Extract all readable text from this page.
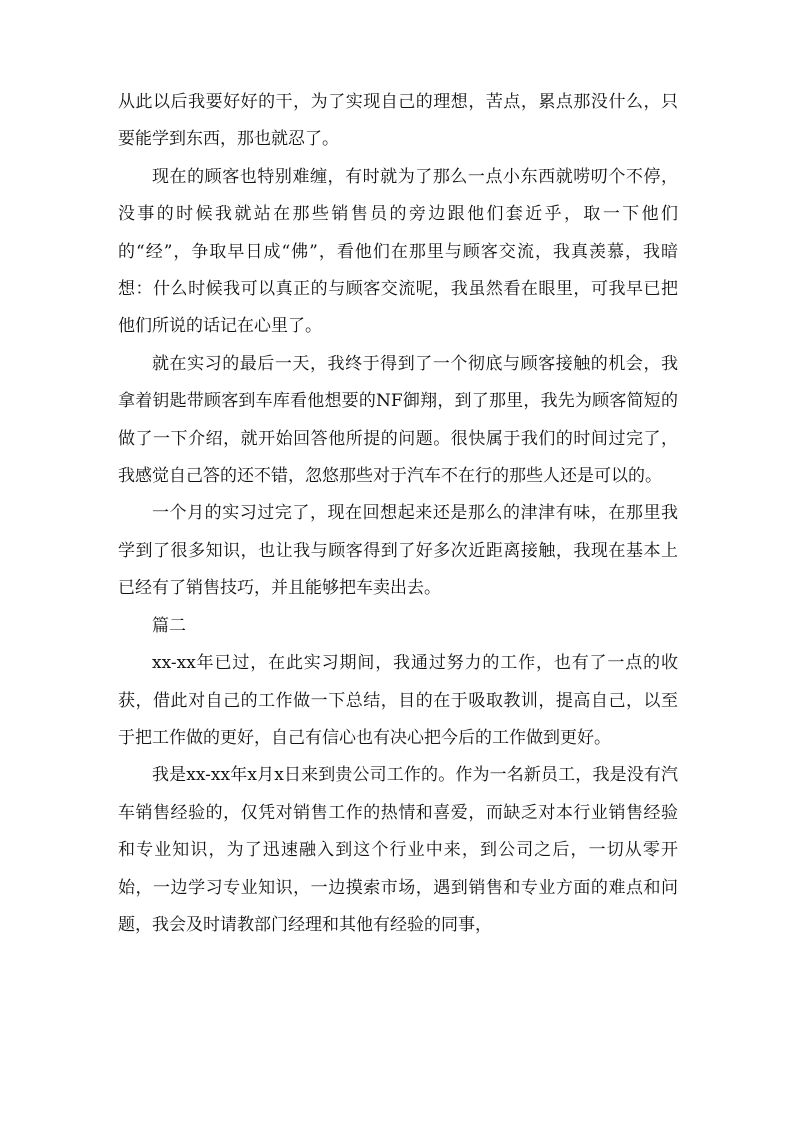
从此以后我要好好的干，为了实现自己的理想，苦点，累点那没什么，只要能学到东西，那也就忍了。

现在的顾客也特别难缠，有时就为了那么一点小东西就唠叨个不停，没事的时候我就站在那些销售员的旁边跟他们套近乎，取一下他们的“经”，争取早日成“佛”，看他们在那里与顾客交流，我真羡慕，我暗想：什么时候我可以真正的与顾客交流呢，我虽然看在眼里，可我早已把他们所说的话记在心里了。

就在实习的最后一天，我终于得到了一个彻底与顾客接触的机会，我拿着钥匙带顾客到车库看他想要的NF御翔，到了那里，我先为顾客简短的做了一下介绍，就开始回答他所提的问题。很快属于我们的时间过完了，我感觉自己答的还不错，忽悠那些对于汽车不在行的那些人还是可以的。

一个月的实习过完了，现在回想起来还是那么的津津有味，在那里我学到了很多知识，也让我与顾客得到了好多次近距离接触，我现在基本上已经有了销售技巧，并且能够把车卖出去。

篇二

xx-xx年已过，在此实习期间，我通过努力的工作，也有了一点的收获，借此对自己的工作做一下总结，目的在于吸取教训，提高自己，以至于把工作做的更好，自己有信心也有决心把今后的工作做到更好。

我是xx-xx年x月x日来到贵公司工作的。作为一名新员工，我是没有汽车销售经验的，仅凭对销售工作的热情和喜爱，而缺乏对本行业销售经验和专业知识，为了迅速融入到这个行业中来，到公司之后，一切从零开始，一边学习专业知识，一边摸索市场，遇到销售和专业方面的难点和问题，我会及时请教部门经理和其他有经验的同事，
